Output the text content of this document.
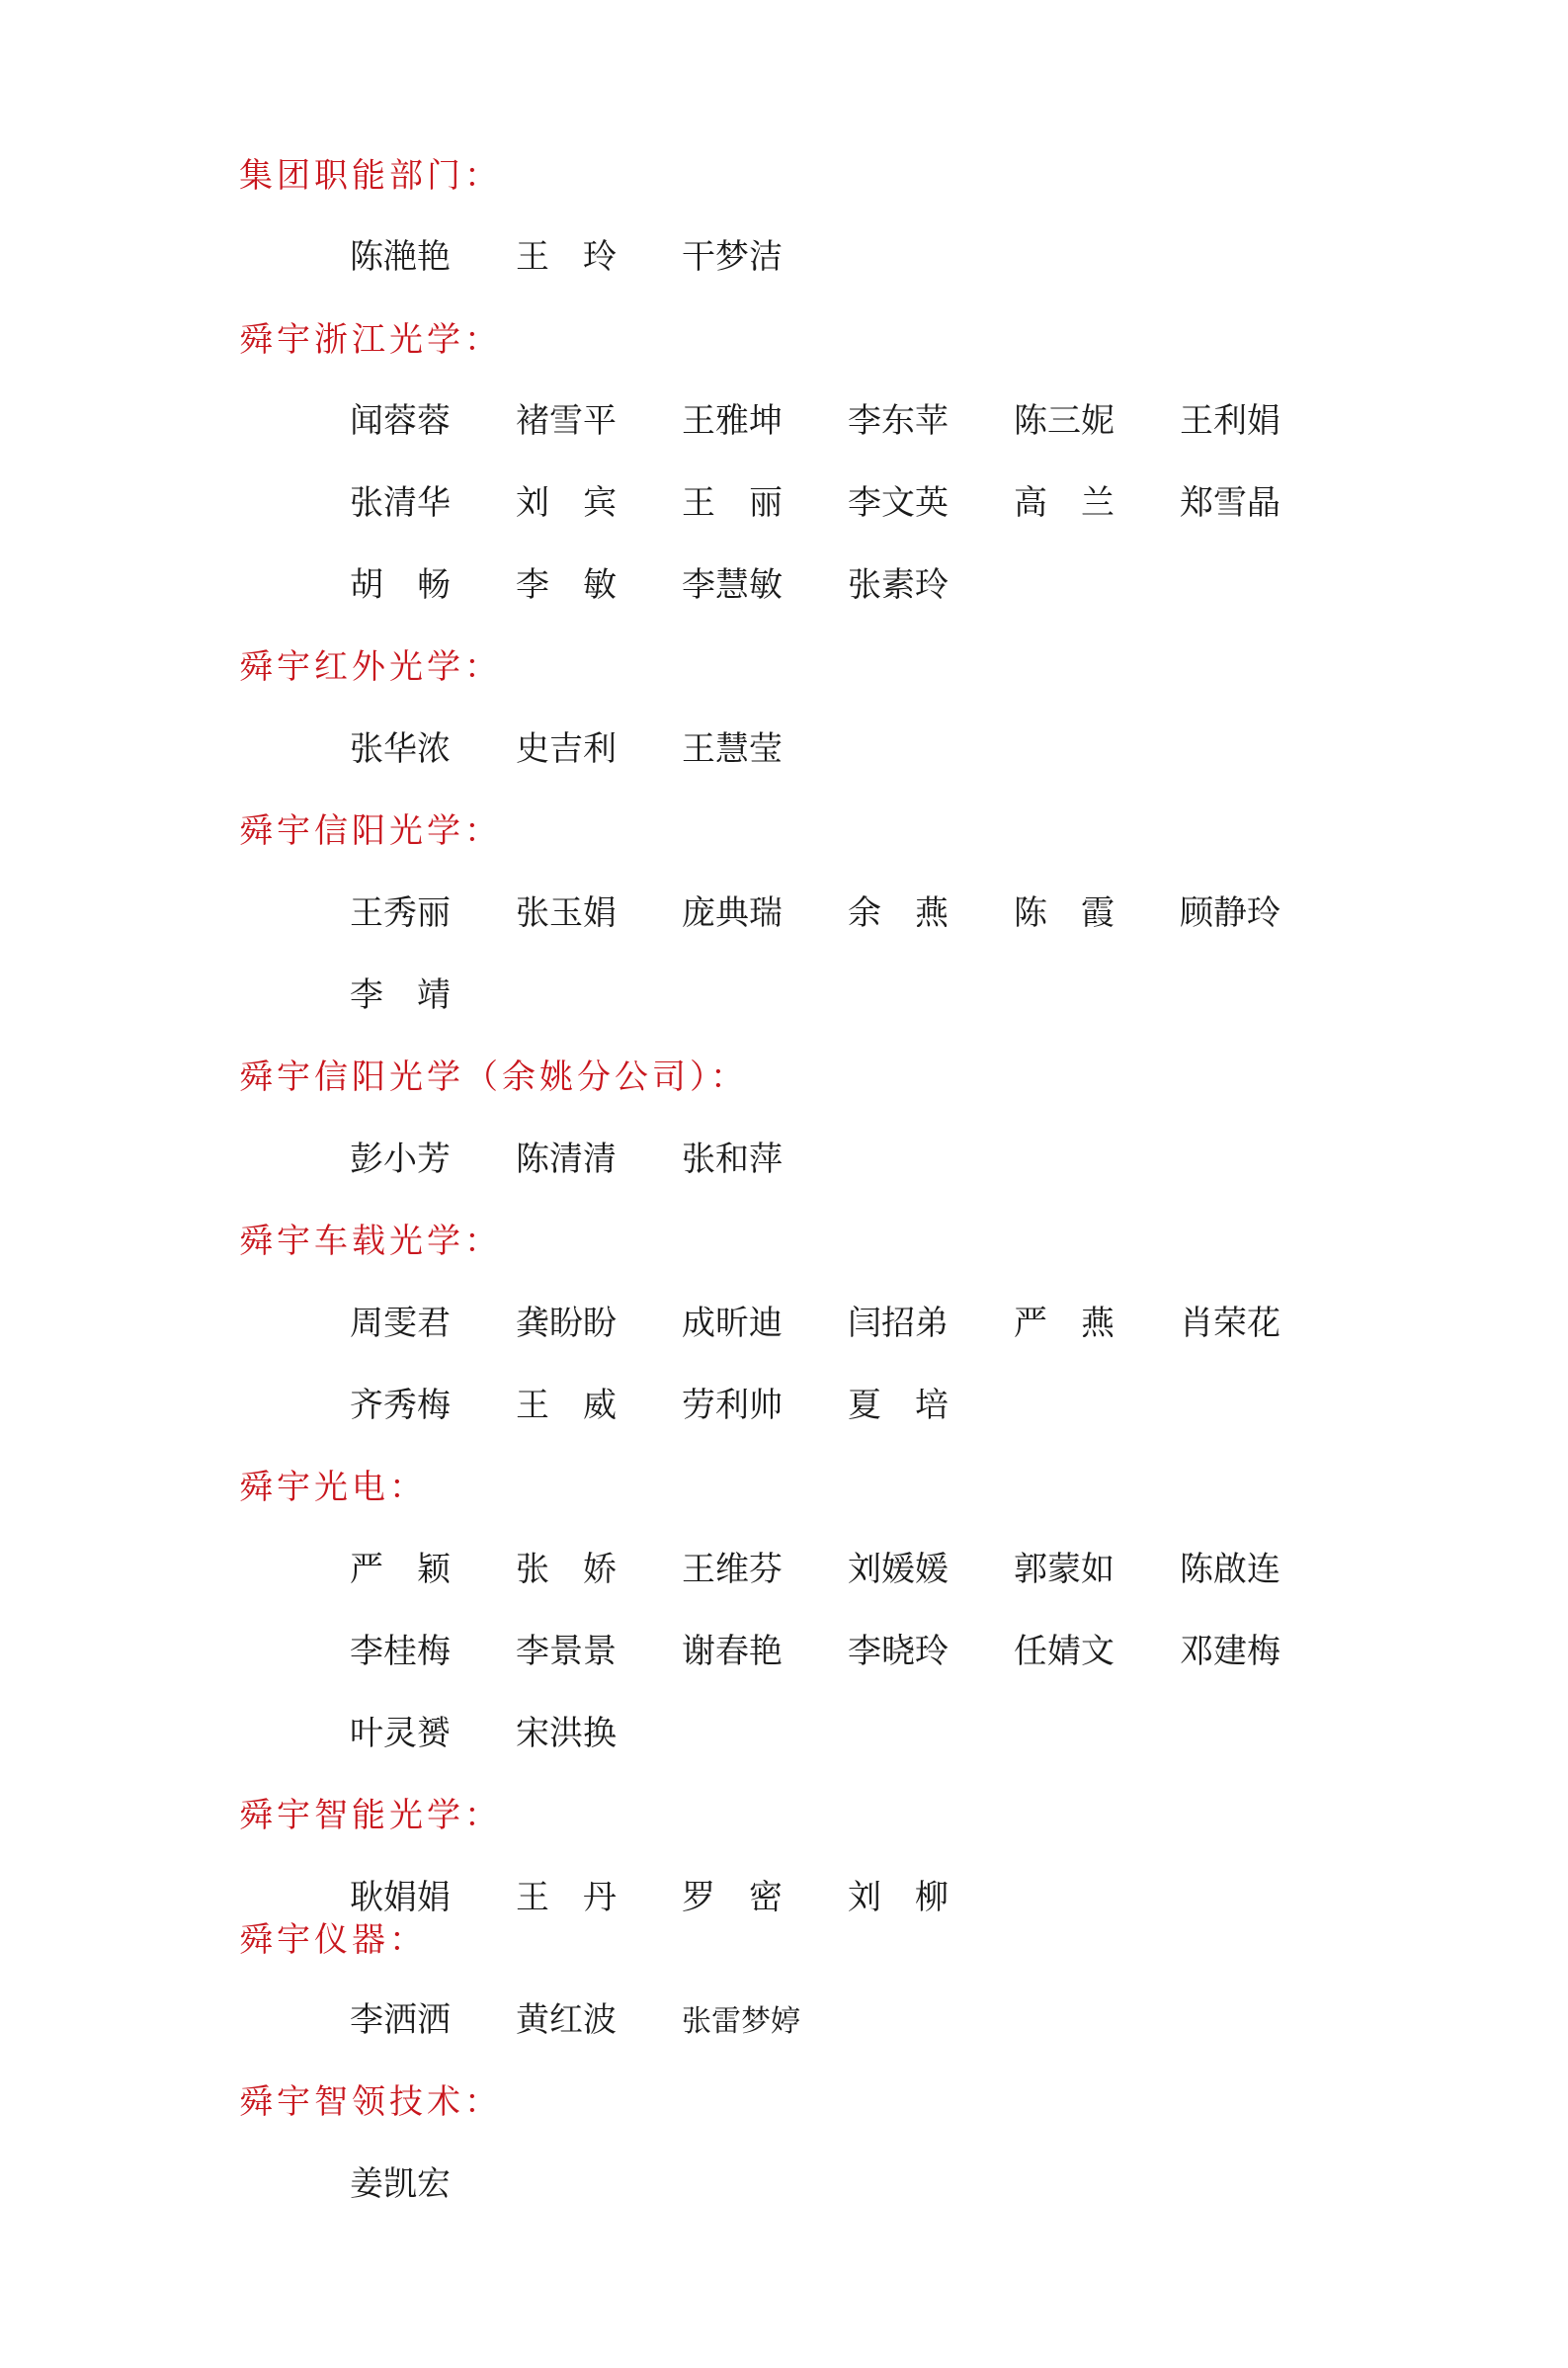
集团职能部门：
陈滟艳 王　玲 干梦洁
舜宇浙江光学：
闻蓉蓉 褚雪平 王雅坤 李东苹 陈三妮 王利娟
张清华 刘　宾 王　丽 李文英 高　兰 郑雪晶
胡　畅 李　敏 李慧敏 张素玲
舜宇红外光学：
张华浓 史吉利 王慧莹
舜宇信阳光学：
王秀丽 张玉娟 庞典瑞 余　燕 陈　霞 顾静玲
李　靖
舜宇信阳光学（余姚分公司）：
彭小芳 陈清清 张和萍
舜宇车载光学：
周雯君 龚盼盼 成昕迪 闫招弟 严　燕 肖荣花
齐秀梅 王　威 劳利帅 夏　培
舜宇光电：
严　颖 张　娇 王维芬 刘媛媛 郭蒙如 陈啟连
李桂梅 李景景 谢春艳 李晓玲 任婧文 邓建梅
叶灵赟 宋洪换
舜宇智能光学：
耿娟娟 王　丹 罗　密 刘　柳
舜宇仪器：
李洒洒 黄红波 张雷梦婷
舜宇智领技术：
姜凯宏
